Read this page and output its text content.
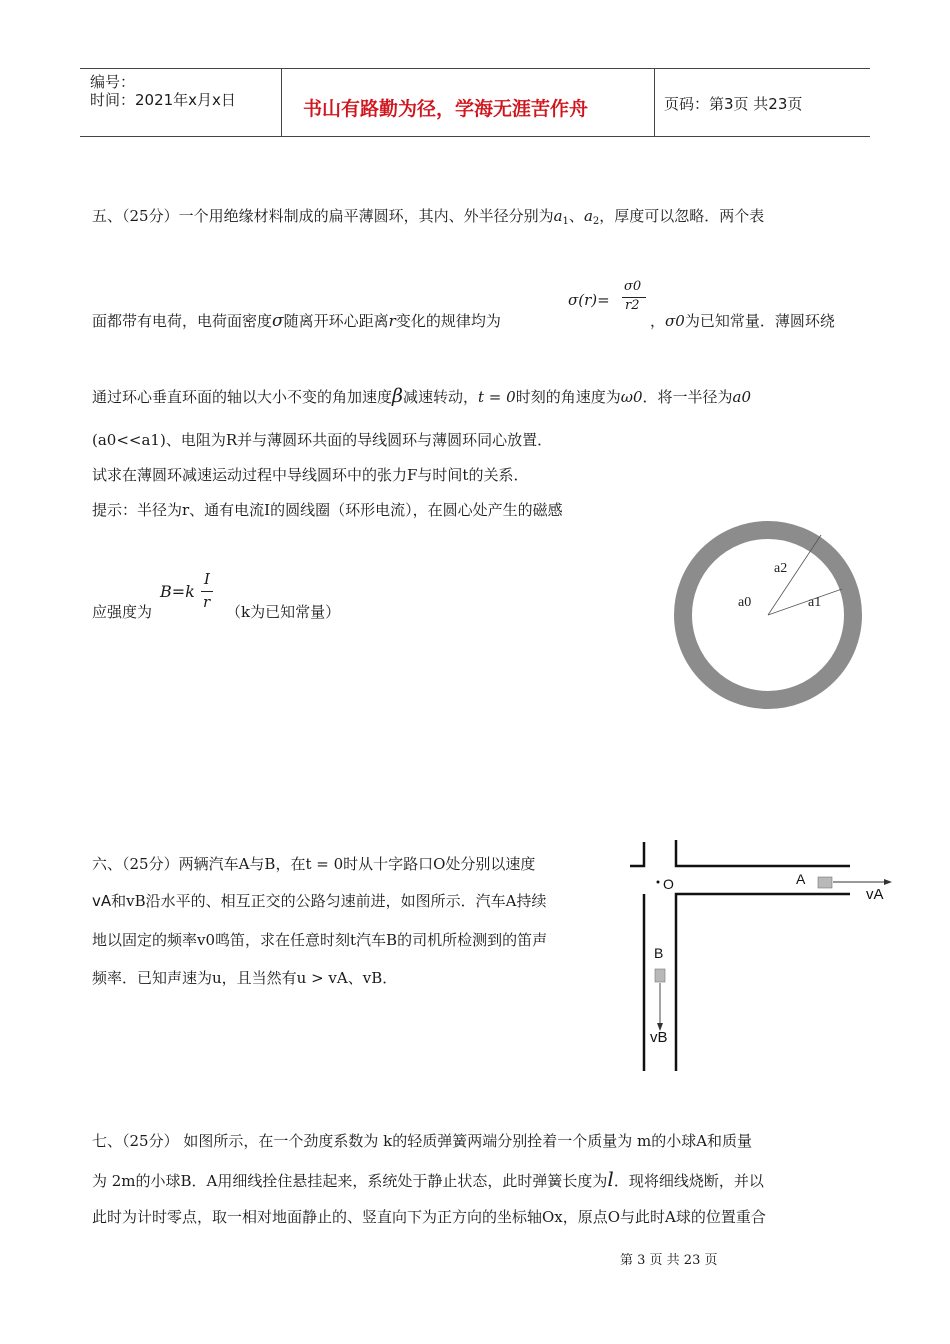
编号：
时间：2021年x月x日	书山有路勤为径，学海无涯苦作舟	页码：第3页 共23页
五、（25分）一个用绝缘材料制成的扁平薄圆环，其内、外半径分别为$a_1$、$a_2$，厚度可以忽略．两个表
σ(r)=
σ0
r2
面都带有电荷，电荷面密度σ随离开环心距离r变化的规律均为	，σ0为已知常量．薄圆环绕
通过环心垂直环面的轴以大小不变的角加速度β减速转动，t = 0时刻的角速度为ω0．将一半径为a0
(a0<<a1)、电阻为R并与薄圆环共面的导线圆环与薄圆环同心放置．
试求在薄圆环减速运动过程中导线圆环中的张力F与时间t的关系．
提示：半径为r、通有电流I的圆线圈（环形电流），在圆心处产生的磁感
B=k
I
r
应强度为	（k为已知常量）
a2
a0	a1
六、（25分）两辆汽车A与B，在t = 0时从十字路口O处分别以速度
vA和vB沿水平的、相互正交的公路匀速前进，如图所示．汽车A持续
地以固定的频率v0鸣笛，求在任意时刻t汽车B的司机所检测到的笛声
频率．已知声速为u，且当然有u > vA、vB．
O	A
vA
B
vB
七、（25分） 如图所示，在一个劲度系数为 k的轻质弹簧两端分别拴着一个质量为 m的小球A和质量
为 2m的小球B．A用细线拴住悬挂起来，系统处于静止状态，此时弹簧长度为l．现将细线烧断，并以
此时为计时零点，取一相对地面静止的、竖直向下为正方向的坐标轴Ox，原点O与此时A球的位置重合
第 3 页 共 23 页
